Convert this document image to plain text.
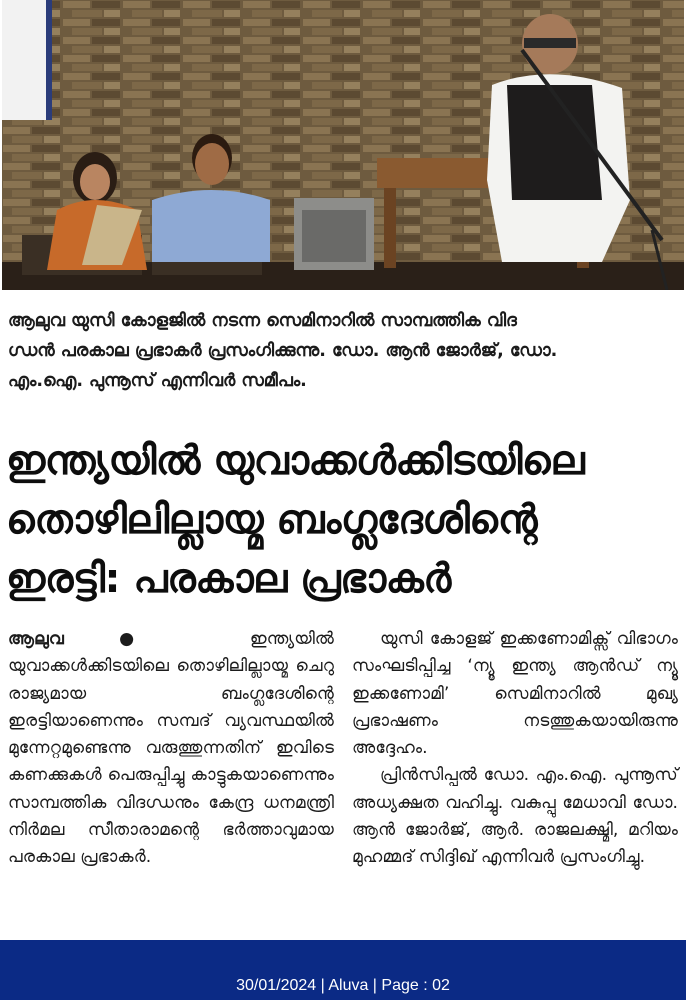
ആലുവ യുസി കോളജിൽ നടന്ന സെമിനാറിൽ സാമ്പത്തിക വിദ

ഗ്ധൻ പരകാല പ്രഭാകർ പ്രസംഗിക്കുന്നു. ഡോ. ആൻ ജോർജ്, ഡോ.

എം.ഐ. പുന്നൂസ് എന്നിവർ സമീപം.

ഇന്ത്യയിൽ യുവാക്കൾക്കിടയിലെ
തൊഴിലില്ലായ്മ ബംഗ്ലദേശിന്റെ
ഇരട്ടി: പരകാല പ്രഭാകർ

ആലുവ●	ഇന്ത്യയിൽ യുവാക്കൾക്കിടയിലെ തൊഴിലില്ലായ്മ ചെറു രാജ്യമായ ബംഗ്ലദേശിന്റെ ഇരട്ടിയാണെന്നും സമ്പദ് വ്യവസ്ഥയിൽ മുന്നേറ്റമുണ്ടെന്നു വരുത്തുന്നതിന് ഇവിടെ കണക്കുകൾ പെരുപ്പിച്ചു കാട്ടുകയാണെന്നും സാമ്പത്തിക വിദഗ്ധനും കേന്ദ്ര ധനമന്ത്രി നിർമല സീതാരാമന്റെ ഭർത്താവുമായ പരകാല പ്രഭാകർ.

യുസി കോളജ് ഇക്കണോമിക്സ് വിഭാഗം സംഘടിപ്പിച്ച ‘ന്യൂ ഇന്ത്യ ആൻഡ് ന്യൂ ഇക്കണോമി’ സെമിനാറിൽ മുഖ്യ പ്രഭാഷണം നടത്തുകയായിരുന്നു അദ്ദേഹം.

പ്രിൻസിപ്പൽ ഡോ. എം.ഐ. പുന്നൂസ് അധ്യക്ഷത വഹിച്ചു. വകുപ്പു മേധാവി ഡോ. ആൻ ജോർജ്, ആർ. രാജലക്ഷ്മി, മറിയം മുഹമ്മദ് സിദ്ദിഖ് എന്നിവർ പ്രസംഗിച്ചു.

30/01/2024 | Aluva | Page : 02
